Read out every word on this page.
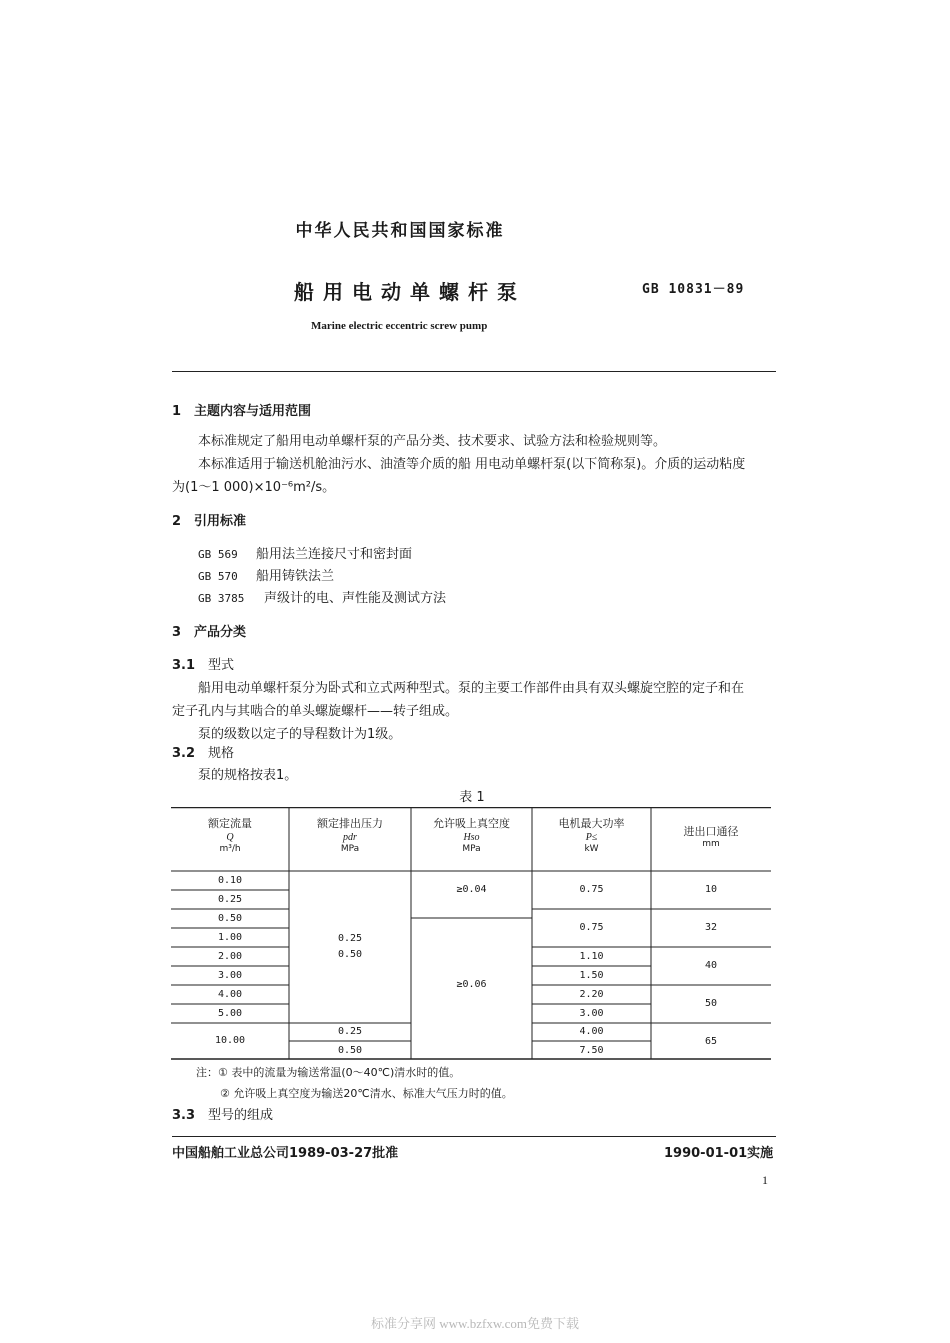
中华人民共和国国家标准
船用电动单螺杆泵	GB 10831－89
Marine electric eccentric screw pump
1 主题内容与适用范围
本标准规定了船用电动单螺杆泵的产品分类、技术要求、试验方法和检验规则等。
本标准适用于输送机舱油污水、油渣等介质的船 用电动单螺杆泵(以下简称泵)。介质的运动粘度
为(1～1 000)×10⁻⁶m²/s。
2 引用标准
GB 569 船用法兰连接尺寸和密封面
GB 570 船用铸铁法兰
GB 3785 声级计的电、声性能及测试方法
3 产品分类
3.1 型式
船用电动单螺杆泵分为卧式和立式两种型式。泵的主要工作部件由具有双头螺旋空腔的定子和在
定子孔内与其啮合的单头螺旋螺杆——转子组成。
泵的级数以定子的导程数计为1级。
3.2 规格
泵的规格按表1。
表 1
额定流量
Q
m³/h
额定排出压力
pdr
MPa
允许吸上真空度
Hso
MPa
电机最大功率
P≤
kW
进出口通径
mm
0.10
0.25
0.50
1.00
2.00
3.00
4.00
5.00
10.00
0.25
0.50
0.25
0.50
≥0.04
≥0.06
0.75
0.75
1.10
1.50
2.20
3.00
4.00
7.50
10
32
40
50
65
注：① 表中的流量为输送常温(0～40℃)清水时的值。
② 允许吸上真空度为输送20℃清水、标准大气压力时的值。
3.3 型号的组成
中国船舶工业总公司1989-03-27批准	1990-01-01实施
1
标准分享网 www.bzfxw.com免费下载
